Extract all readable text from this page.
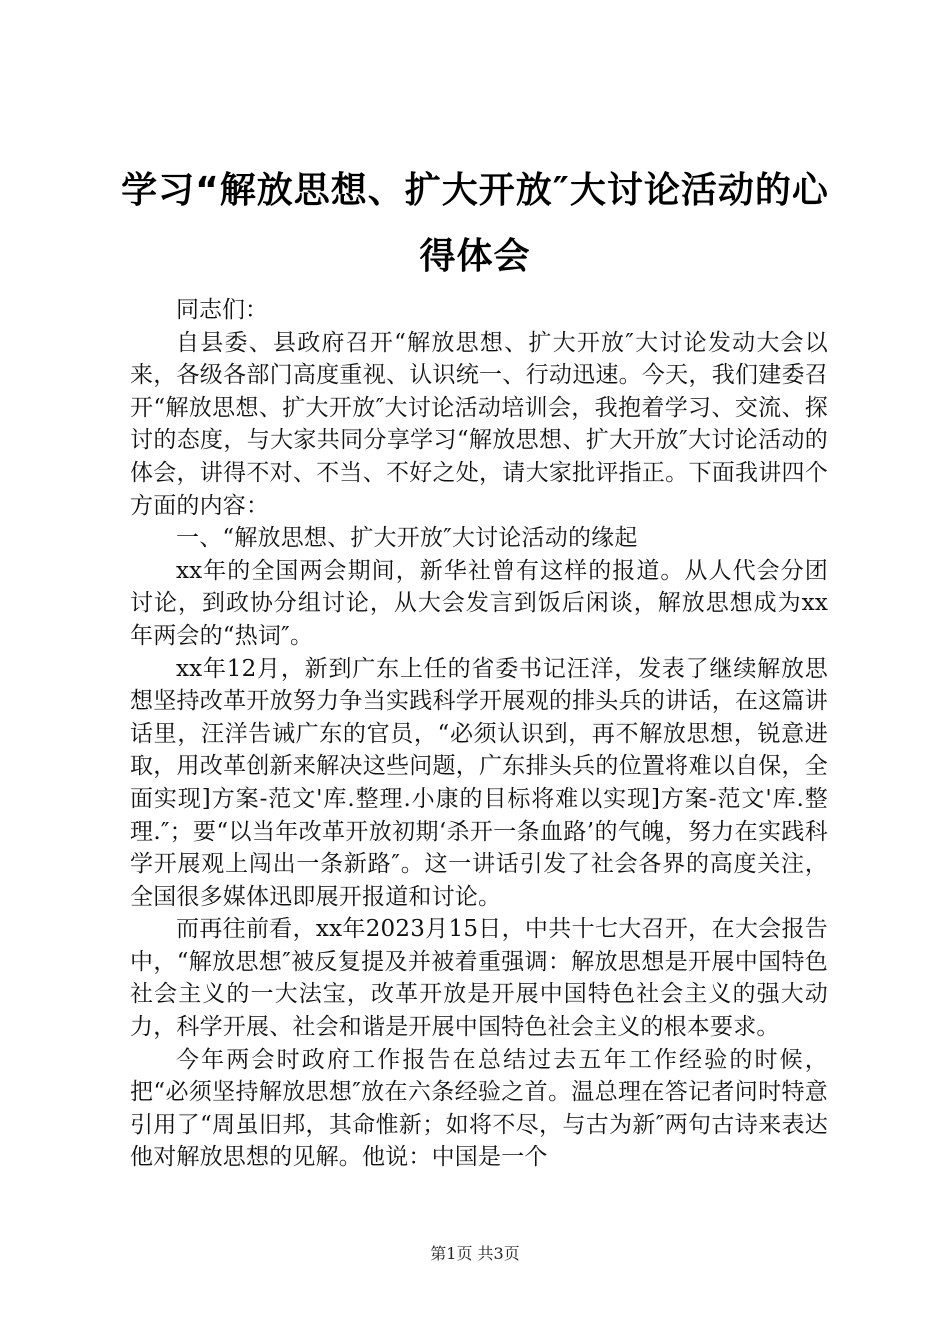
学习“解放思想、扩大开放″大讨论活动的心得体会

同志们：

自县委、县政府召开“解放思想、扩大开放″大讨论发动大会以来，各级各部门高度重视、认识统一、行动迅速。今天，我们建委召开“解放思想、扩大开放″大讨论活动培训会，我抱着学习、交流、探讨的态度，与大家共同分享学习“解放思想、扩大开放″大讨论活动的体会，讲得不对、不当、不好之处，请大家批评指正。下面我讲四个方面的内容：

一、“解放思想、扩大开放″大讨论活动的缘起

xx年的全国两会期间，新华社曾有这样的报道。从人代会分团讨论，到政协分组讨论，从大会发言到饭后闲谈，解放思想成为xx年两会的“热词″。

xx年12月，新到广东上任的省委书记汪洋，发表了继续解放思想坚持改革开放努力争当实践科学开展观的排头兵的讲话，在这篇讲话里，汪洋告诫广东的官员，“必须认识到，再不解放思想，锐意进取，用改革创新来解决这些问题，广东排头兵的位置将难以自保，全面实现]方案-范文'库.整理.小康的目标将难以实现]方案-范文'库.整理.″；要“以当年改革开放初期‘杀开一条血路’的气魄，努力在实践科学开展观上闯出一条新路″。这一讲话引发了社会各界的高度关注，全国很多媒体迅即展开报道和讨论。

而再往前看，xx年2023月15日，中共十七大召开，在大会报告中，“解放思想″被反复提及并被着重强调：解放思想是开展中国特色社会主义的一大法宝，改革开放是开展中国特色社会主义的强大动力，科学开展、社会和谐是开展中国特色社会主义的根本要求。

今年两会时政府工作报告在总结过去五年工作经验的时候，把“必须坚持解放思想″放在六条经验之首。温总理在答记者问时特意引用了“周虽旧邦，其命惟新；如将不尽，与古为新″两句古诗来表达他对解放思想的见解。他说：中国是一个

第1页 共3页
